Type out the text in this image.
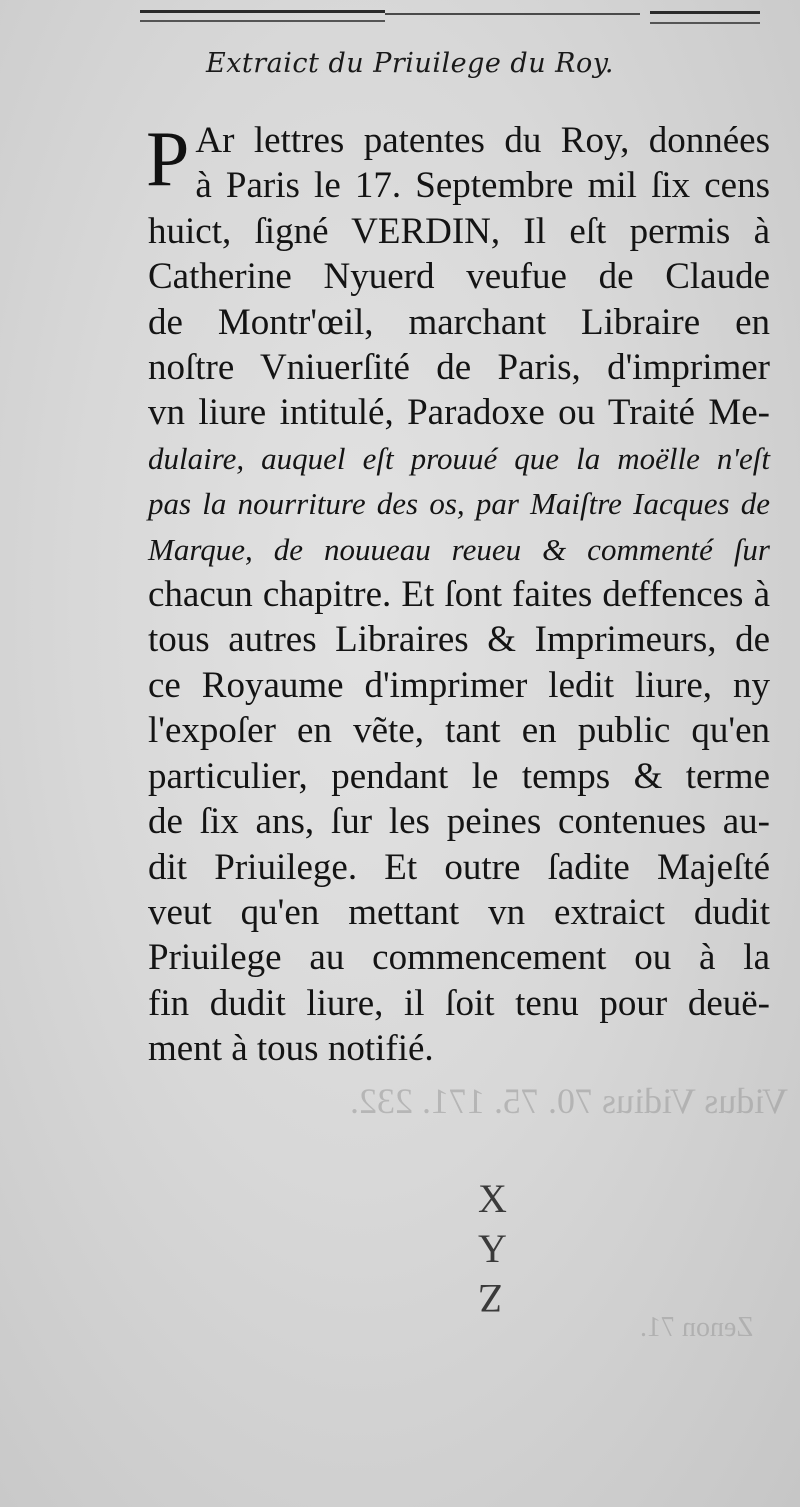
Vidus Vidius 70. 75. 171. 232.
Zenon 71.
Extraict du Priuilege du Roy.
P Ar lettres patentes du Roy, données
à Paris le 17. Septembre mil ſix cens
huict, ſigné VERDIN, Il eſt permis à
Catherine Nyuerd veufue de Claude
de Montr'œil, marchant Libraire en
noſtre Vniuerſité de Paris, d'imprimer
vn liure intitulé, Paradoxe ou Traité Me-
dulaire, auquel eſt prouué que la moëlle n'eſt
pas la nourriture des os, par Maiſtre Iacques de
Marque, de nouueau reueu & commenté ſur
chacun chapitre. Et ſont faites deffences à
tous autres Libraires & Imprimeurs, de
ce Royaume d'imprimer ledit liure, ny
l'expoſer en vẽte, tant en public qu'en
particulier, pendant le temps & terme
de ſix ans, ſur les peines contenues au-
dit Priuilege. Et outre ſadite Majeſté
veut qu'en mettant vn extraict dudit
Priuilege au commencement ou à la
fin dudit liure, il ſoit tenu pour deuë-
ment à tous notifié.
X
Y
Z
